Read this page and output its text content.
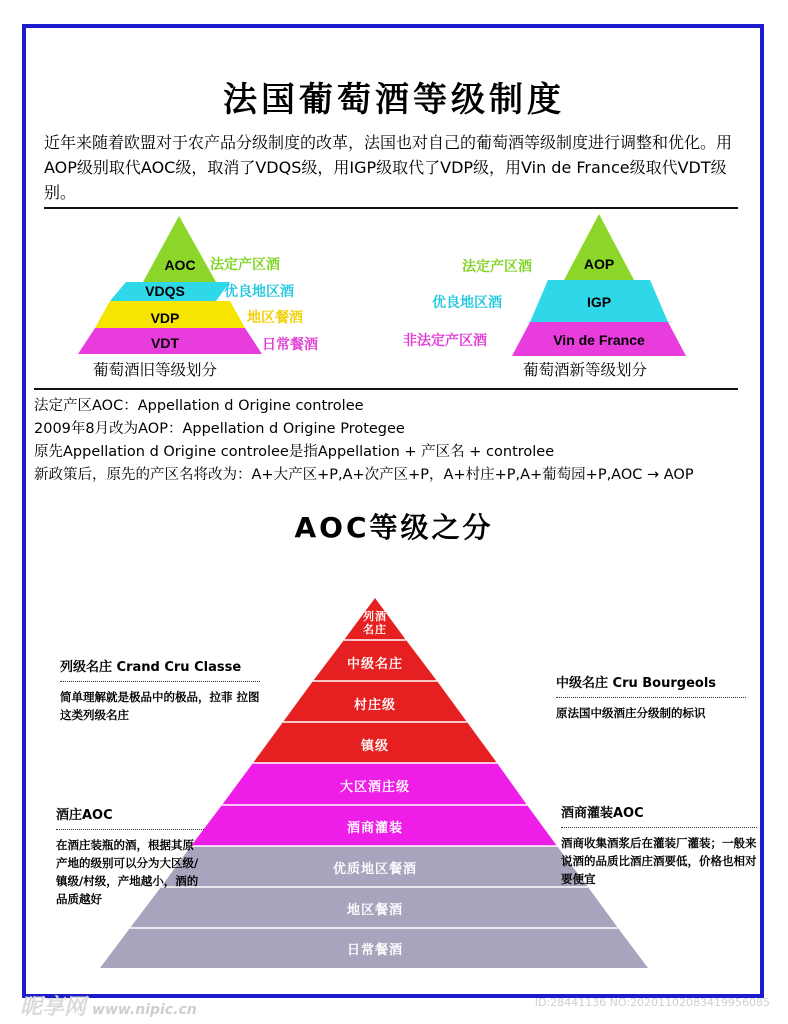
法国葡萄酒等级制度
近年来随着欧盟对于农产品分级制度的改革，法国也对自己的葡萄酒等级制度进行调整和优化。用AOP级别取代AOC级，取消了VDQS级，用IGP级取代了VDP级，用Vin de France级取代VDT级别。
AOC
VDQS
VDP
VDT
法定产区酒
优良地区酒
地区餐酒
日常餐酒
葡萄酒旧等级划分
AOP
IGP
Vin de France
法定产区酒
优良地区酒
非法定产区酒
葡萄酒新等级划分
法定产区AOC：Appellation d Origine controlee
2009年8月改为AOP：Appellation d Origine Protegee
原先Appellation d Origine controlee是指Appellation + 产区名 + controlee
新政策后，原先的产区名将改为：A+大产区+P,A+次产区+P，A+村庄+P,A+葡萄园+P,AOC → AOP
AOC等级之分
列酒
名庄
中级名庄
村庄级
镇级
大区酒庄级
酒商灌装
优质地区餐酒
地区餐酒
日常餐酒
列级名庄 Crand Cru Classe
简单理解就是极品中的极品，拉菲 拉图 这类列级名庄
酒庄AOC
在酒庄装瓶的酒，根据其原产地的级别可以分为大区级/镇级/村级，产地越小，酒的品质越好
中级名庄 Cru Bourgeols
原法国中级酒庄分级制的标识
酒商灌装AOC
酒商收集酒浆后在灌装厂灌装；一般来说酒的品质比酒庄酒要低，价格也相对要便宜
昵享网 www.nipic.cn	ID:28441136 NO:20201102083419956085
